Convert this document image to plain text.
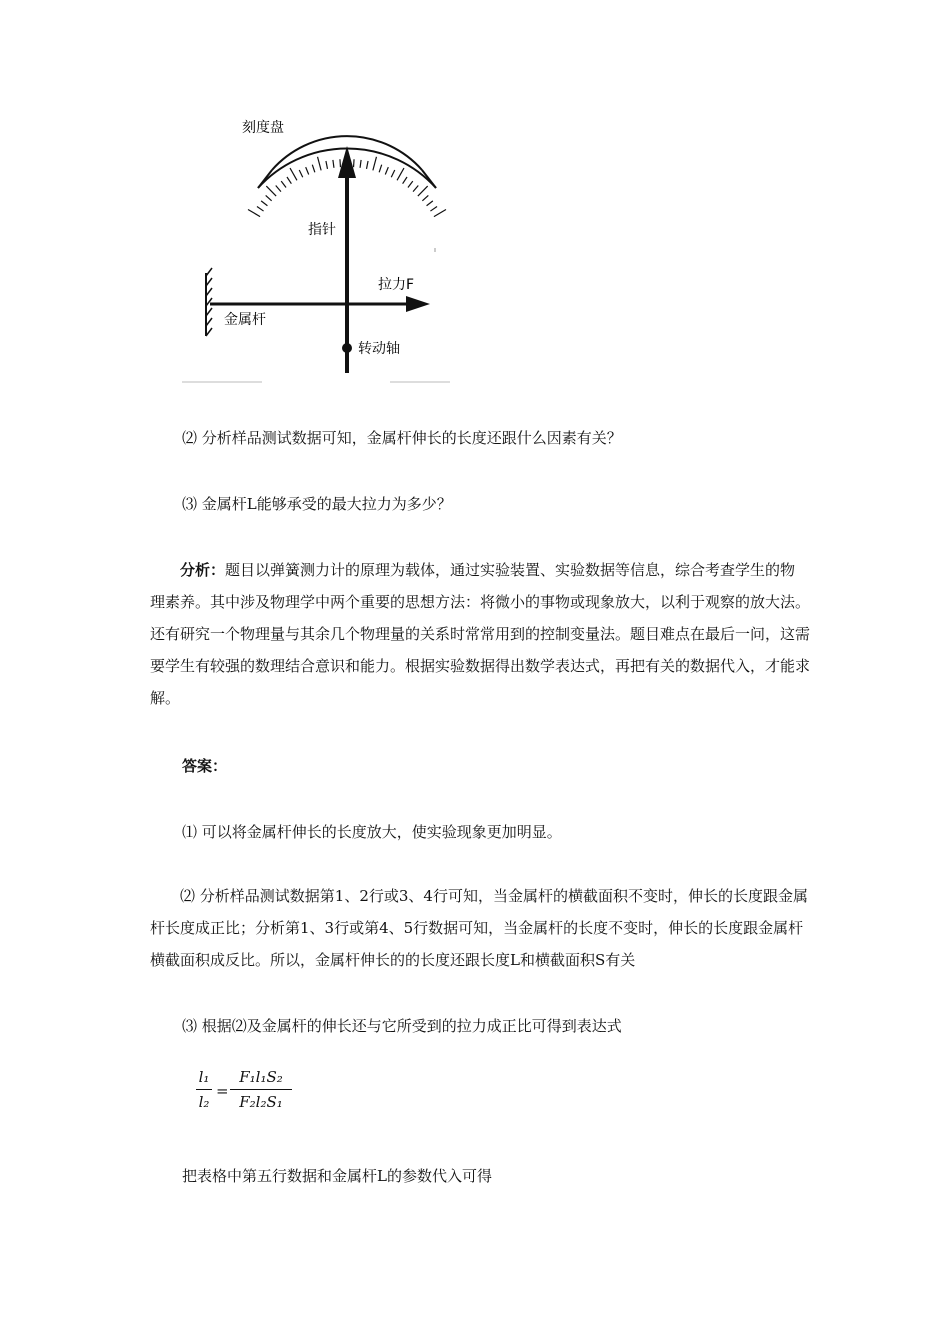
刻度盘
指针
拉力F
金属杆
转动轴
⑵ 分析样品测试数据可知，金属杆伸长的长度还跟什么因素有关？
⑶ 金属杆L能够承受的最大拉力为多少？
分析：题目以弹簧测力计的原理为载体，通过实验装置、实验数据等信息，综合考查学生的物理素养。其中涉及物理学中两个重要的思想方法：将微小的事物或现象放大，以利于观察的放大法。还有研究一个物理量与其余几个物理量的关系时常常用到的控制变量法。题目难点在最后一问，这需要学生有较强的数理结合意识和能力。根据实验数据得出数学表达式，再把有关的数据代入，才能求解。
答案：
⑴ 可以将金属杆伸长的长度放大，使实验现象更加明显。
⑵ 分析样品测试数据第1、2行或3、4行可知，当金属杆的横截面积不变时，伸长的长度跟金属杆长度成正比；分析第1、3行或第4、5行数据可知，当金属杆的长度不变时，伸长的长度跟金属杆横截面积成反比。所以，金属杆伸长的的长度还跟长度L和横截面积S有关
⑶ 根据⑵及金属杆的伸长还与它所受到的拉力成正比可得到表达式
l₁
l₂
=
F₁l₁S₂
F₂l₂S₁
把表格中第五行数据和金属杆L的参数代入可得
